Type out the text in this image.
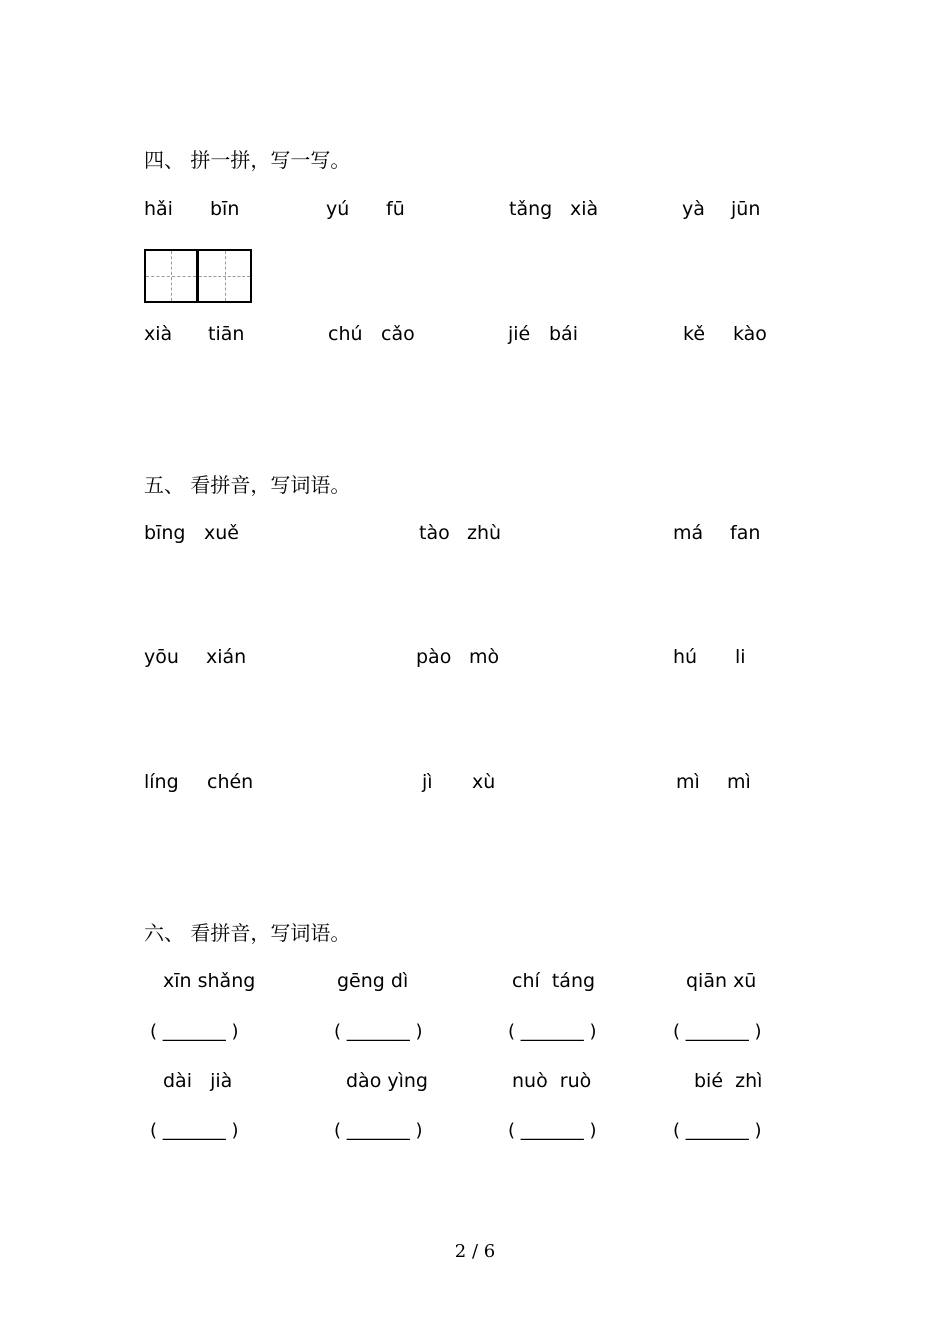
四、 拼一拼，写一写。
hǎi bīn	yú fū	tǎng xià	yà jūn
xià tiān	chú cǎo	jié bái	kě kào
五、 看拼音，写词语。
bīng xuě	tào zhù	má fan
yōu xián	pào mò	hú li
líng chén	jì xù	mì mì
六、 看拼音，写词语。
xīn shǎng	gēng dì	chí  táng	qiān xū
( _______ )	( _______ )	( _______ )	( _______ )
dài   jià	dào yìng	nuò  ruò	bié  zhì
( _______ )	( _______ )	( _______ )	( _______ )
2 / 6
